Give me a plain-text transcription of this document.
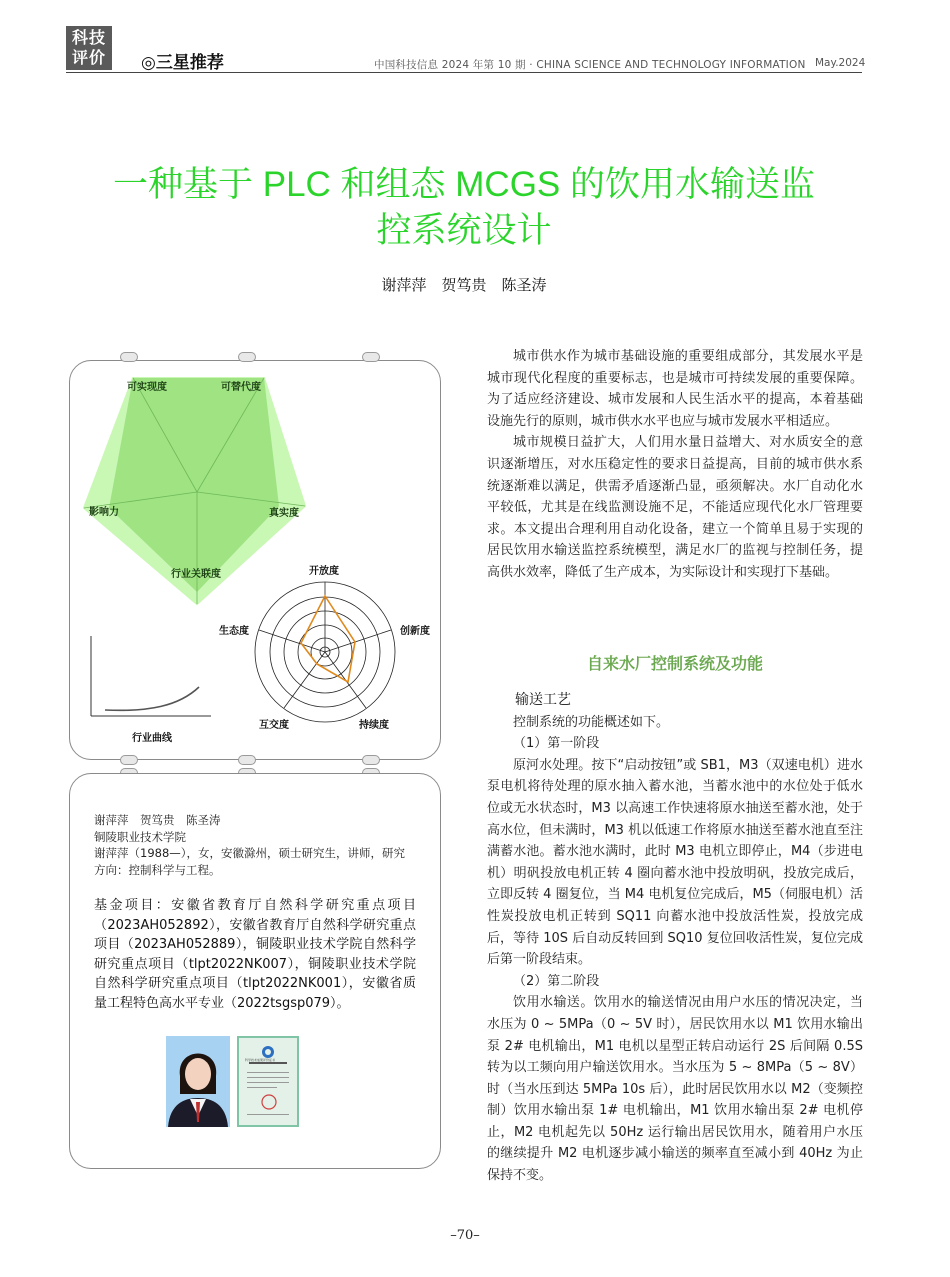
科技
评价	◎三星推荐	中国科技信息 2024 年第 10 期 · CHINA SCIENCE AND TECHNOLOGY INFORMATION May.2024
一种基于 PLC 和组态 MCGS 的饮用水输送监
控系统设计
谢萍萍　贺笃贵　陈圣涛
可实现度	可替代度
真实度
行业关联度
影响力
开放度
创新度
持续度
互交度
生态度
行业曲线
谢萍萍　贺笃贵　陈圣涛
铜陵职业技术学院
谢萍萍（1988—），女，安徽滁州，硕士研究生，讲师，研究方向：控制科学与工程。
基金项目：安徽省教育厅自然科学研究重点项目（2023AH052892），安徽省教育厅自然科学研究重点项目（2023AH052889），铜陵职业技术学院自然科学研究重点项目（tlpt2022NK007），铜陵职业技术学院自然科学研究重点项目（tlpt2022NK001），安徽省质量工程特色高水平专业（2022tsgsp079）。
科学技术成果评价证书

城市供水作为城市基础设施的重要组成部分，其发展水平是城市现代化程度的重要标志，也是城市可持续发展的重要保障。为了适应经济建设、城市发展和人民生活水平的提高，本着基础设施先行的原则，城市供水水平也应与城市发展水平相适应。

城市规模日益扩大，人们用水量日益增大、对水质安全的意识逐渐增压，对水压稳定性的要求日益提高，目前的城市供水系统逐渐难以满足，供需矛盾逐渐凸显，亟须解决。水厂自动化水平较低，尤其是在线监测设施不足，不能适应现代化水厂管理要求。本文提出合理利用自动化设备，建立一个简单且易于实现的居民饮用水输送监控系统模型，满足水厂的监视与控制任务，提高供水效率，降低了生产成本，为实际设计和实现打下基础。

自来水厂控制系统及功能

输送工艺

控制系统的功能概述如下。

（1）第一阶段

原河水处理。按下“启动按钮”或 SB1，M3（双速电机）进水泵电机将待处理的原水抽入蓄水池，当蓄水池中的水位处于低水位或无水状态时，M3 以高速工作快速将原水抽送至蓄水池，处于高水位，但未满时，M3 机以低速工作将原水抽送至蓄水池直至注满蓄水池。蓄水池水满时，此时 M3 电机立即停止，M4（步进电机）明矾投放电机正转 4 圈向蓄水池中投放明矾，投放完成后，立即反转 4 圈复位，当 M4 电机复位完成后，M5（伺服电机）活性炭投放电机正转到 SQ11 向蓄水池中投放活性炭，投放完成后，等待 10S 后自动反转回到 SQ10 复位回收活性炭，复位完成后第一阶段结束。

（2）第二阶段

饮用水输送。饮用水的输送情况由用户水压的情况决定，当水压为 0 ~ 5MPa（0 ~ 5V 时），居民饮用水以 M1 饮用水输出泵 2# 电机输出，M1 电机以星型正转启动运行 2S 后间隔 0.5S 转为以工频向用户输送饮用水。当水压为 5 ~ 8MPa（5 ~ 8V）时（当水压到达 5MPa 10s 后），此时居民饮用水以 M2（变频控制）饮用水输出泵 1# 电机输出，M1 饮用水输出泵 2# 电机停止，M2 电机起先以 50Hz 运行输出居民饮用水，随着用户水压的继续提升 M2 电机逐步减小输送的频率直至减小到 40Hz 为止保持不变。

–70–
